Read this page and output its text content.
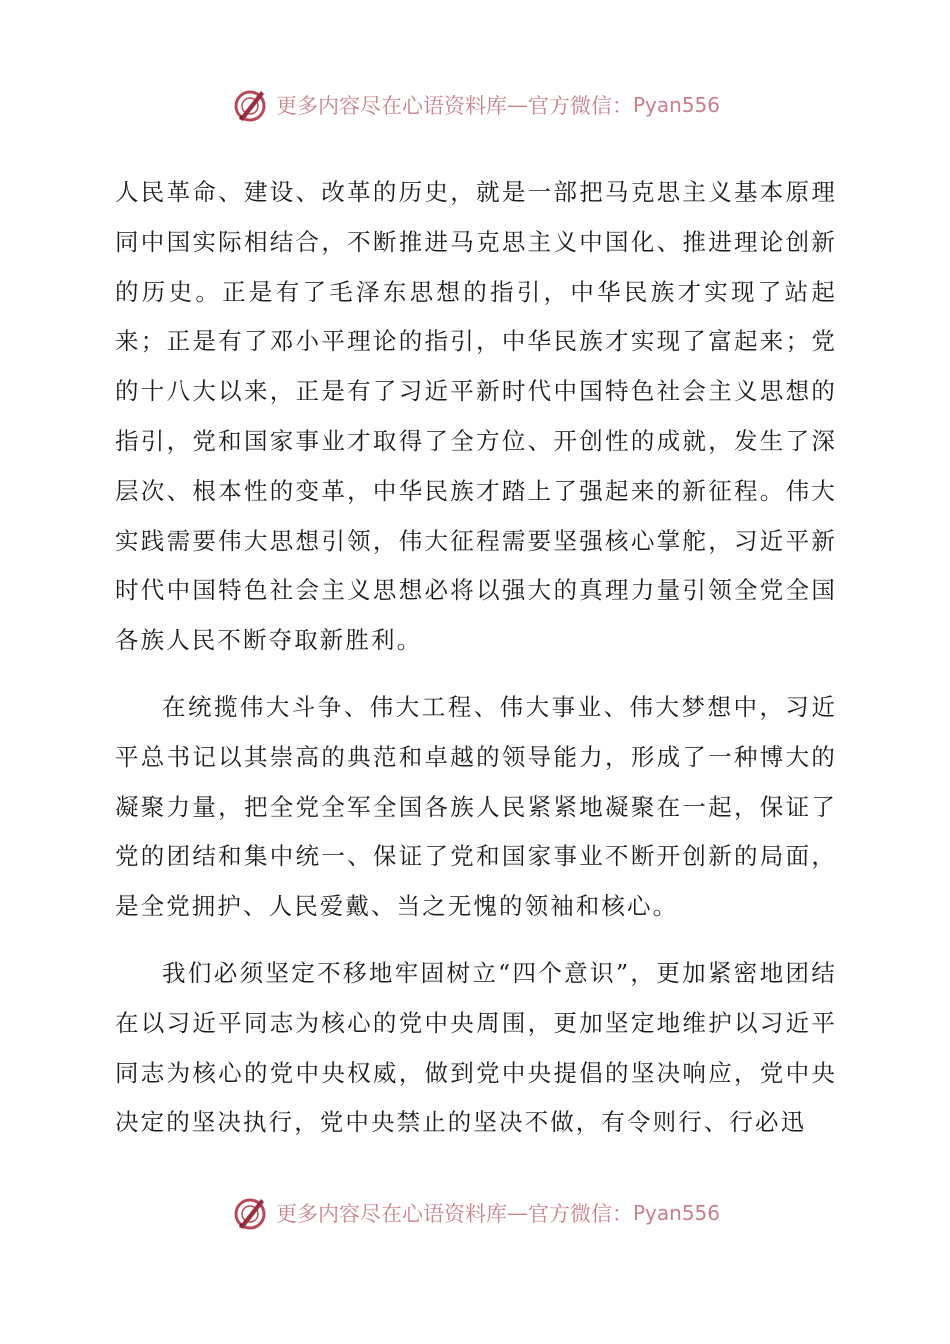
更多内容尽在心语资料库 — 官方微信： Pyan556

人民革命、建设、改革的历史，就是一部把马克思主义基本原理同中国实际相结合，不断推进马克思主义中国化、推进理论创新的历史。正是有了毛泽东思想的指引，中华民族才实现了站起来；正是有了邓小平理论的指引，中华民族才实现了富起来；党的十八大以来，正是有了习近平新时代中国特色社会主义思想的指引，党和国家事业才取得了全方位、开创性的成就，发生了深层次、根本性的变革，中华民族才踏上了强起来的新征程。伟大实践需要伟大思想引领，伟大征程需要坚强核心掌舵，习近平新时代中国特色社会主义思想必将以强大的真理力量引领全党全国各族人民不断夺取新胜利。

在统揽伟大斗争、伟大工程、伟大事业、伟大梦想中，习近平总书记以其崇高的典范和卓越的领导能力，形成了一种博大的凝聚力量，把全党全军全国各族人民紧紧地凝聚在一起，保证了党的团结和集中统一、保证了党和国家事业不断开创新的局面，是全党拥护、人民爱戴、当之无愧的领袖和核心。

我们必须坚定不移地牢固树立“四个意识”，更加紧密地团结在以习近平同志为核心的党中央周围，更加坚定地维护以习近平同志为核心的党中央权威，做到党中央提倡的坚决响应，党中央决定的坚决执行，党中央禁止的坚决不做，有令则行、行必迅

更多内容尽在心语资料库 — 官方微信： Pyan556
